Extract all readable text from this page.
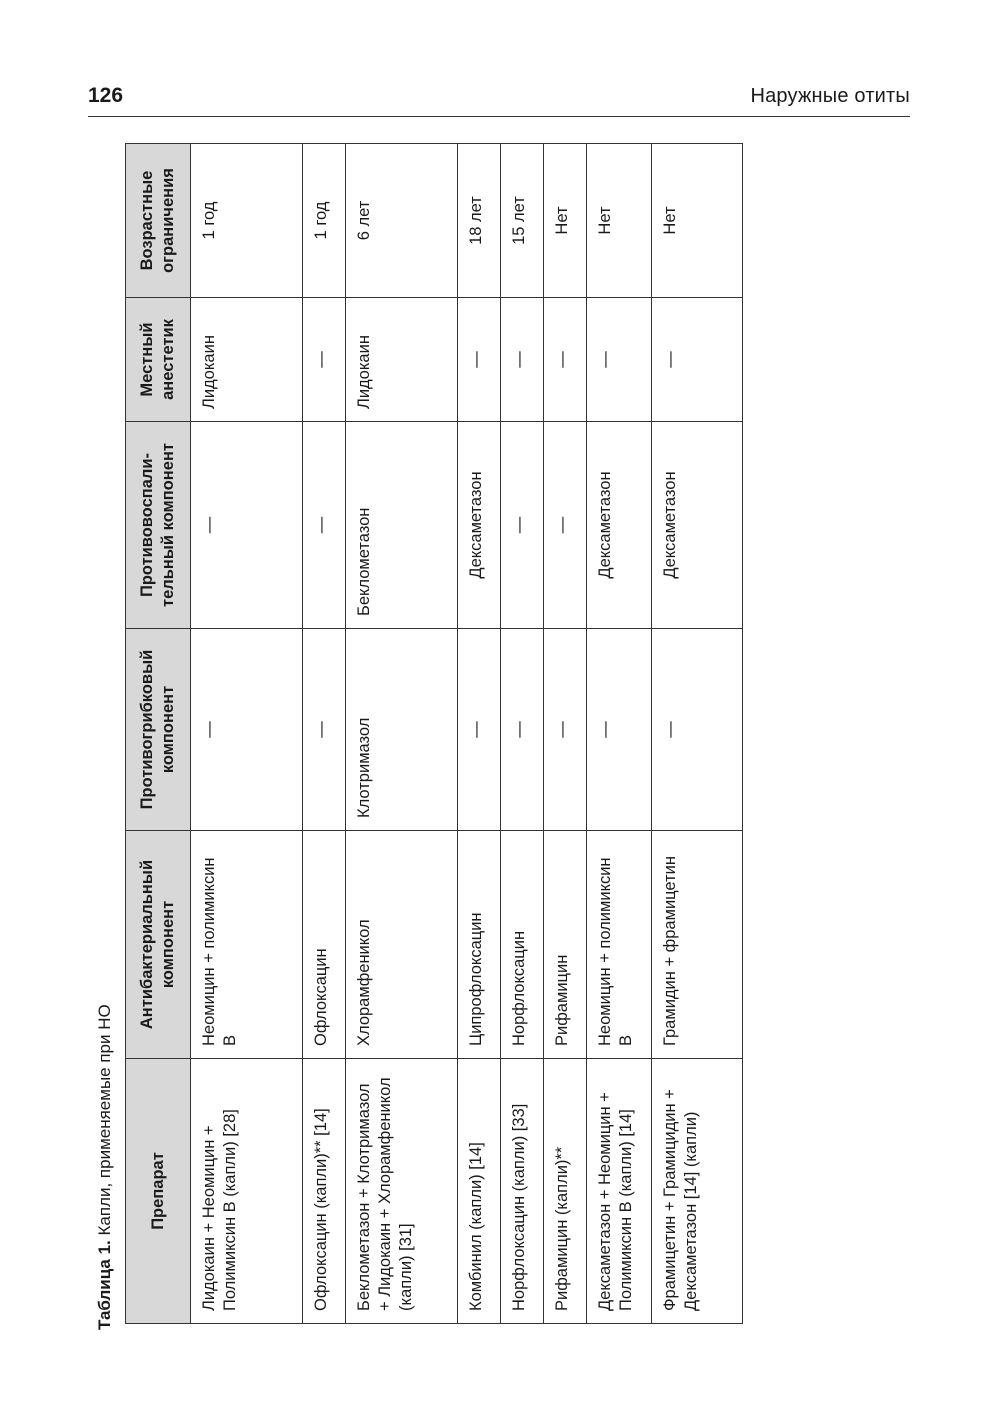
126	Наружные отиты
Таблица 1. Капли, применяемые при НО	Препарат	Антибактериальный компонент	Противогрибковый компонент	Противовоспали-тельный компонент	Местный анестетик	Возрастные ограничения
Лидокаин + Неомицин + Полимиксин В (капли) [28]	Неомицин + полимиксин В	—	—	Лидокаин	1 год
Офлоксацин (капли)** [14]	Офлоксацин	—	—	—	1 год
Беклометазон + Клотримазол + Лидокаин + Хлорамфеникол (капли) [31]	Хлорамфеникол	Клотримазол	Беклометазон	Лидокаин	6 лет
Комбинил (капли) [14]	Ципрофлоксацин	—	Дексаметазон	—	18 лет
Норфлоксацин (капли) [33]	Норфлоксацин	—	—	—	15 лет
Рифамицин (капли)**	Рифамицин	—	—	—	Нет
Дексаметазон + Неомицин + Полимиксин В (капли) [14]	Неомицин + полимиксин В	—	Дексаметазон	—	Нет
Фрамицетин + Грамицидин + Дексаметазон [14] (капли)	Грамидин + фрамицетин	—	Дексаметазон	—	Нет
